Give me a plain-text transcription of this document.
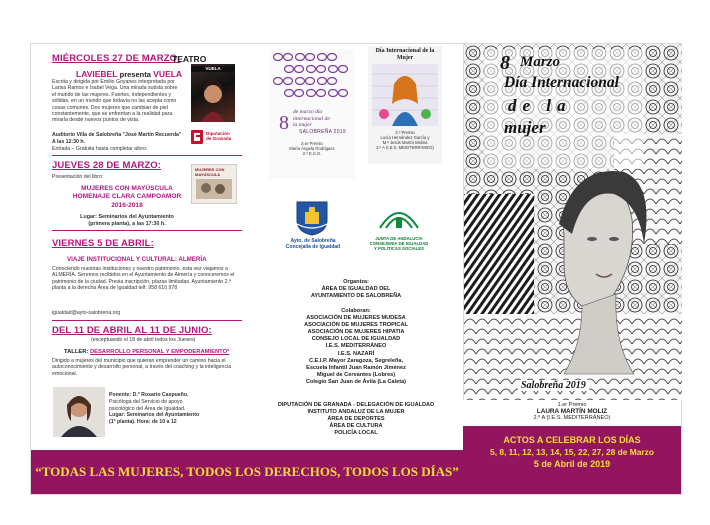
MIÉRCOLES 27 DE MARZO:
TEATRO
LAVIEBEL presenta VUELA
Escrita y dirigida por Emilio Goyanes interpretada por Larisa Ramos e Isabel Vega. Una mirada sutista sobre el mundo de las mujeres. Fuertes, independientes y sólidas, en un mundo que todavía no las acepta como cosas comunes. Dos mujeres que cambian de piel constantemente, que se enfrentan a la realidad para mirarla desde nuevos puntos de vista.
Auditorio Villa de Salobreña "José Martín Recuerda"
A las 12:30 h.
Entrada – Gratuita hasta completar aforo.
VUELA
Diputación de Granada
JUEVES 28 DE MARZO:
Presentación del libro:
MUJERES CON MAYÚSCULA
HOMENAJE CLARA CAMPOAMOR
2016-2018
Lugar: Seminarios del Ayuntamiento
(primera planta), a las 17:30 h.
MUJERES CON MAYÚSCULA
VIERNES 5 DE ABRIL:
VIAJE INSTITUCIONAL Y CULTURAL: ALMERÍA
Conociendo nuestras instituciones y nuestro patrimonio, esta vez viajamos a ALMERÍA. Seremos recibidos en el Ayuntamiento de Almería y conoceremos el patrimonio de la ciudad. Previa inscripción, plazas limitadas. Ayuntamiento 2.ª planta a la derecha Área de Igualdad telf. 958 610 978
igualdad@ayto-salobrena.org
DEL 11 DE ABRIL AL 11 DE JUNIO:
(exceptuando el 18 de abril todos los Jueves)
TALLER: DESARROLLO PERSONAL Y EMPODERAMIENTO*
Dirigido a mujeres del municipio que quieran emprender un camino hacia el autoconocimiento y desarrollo personal, a través del coaching y la inteligencia emocional.
Ponente: D.ª Rosario Caspueño.
Psicóloga del Servicio de apoyo
psicológico del Área de Igualdad.
Lugar: Seminarios del Ayuntamiento
(1ª planta). Hora: de 10 a 12
8 de marzo día
internacional de
la mujer
SALOBREÑA 2019
3.er Premio
María Ángela Rodríguez
2.º E.S.O.
Día Internacional de la Mujer
2.º Premio
Lucía Hernández García y
M.ª Jesús Martín Molina
2.º A (I.E.S. MEDITERRÁNEO)
Ayto. de Salobreña
Concejalía de Igualdad
JUNTA DE ANDALUCIA
CONSEJERÍA DE IGUALDAD
Y POLÍTICAS SOCIALES
Organiza:
ÁREA DE IGUALDAD DEL
AYUNTAMIENTO DE SALOBREÑA
Colaboran:
ASOCIACIÓN DE MUJERES MUDESA
ASOCIACIÓN DE MUJERES TROPICAL
ASOCIACIÓN DE MUJERES HIPATIA
CONSEJO LOCAL DE IGUALDAD
I.E.S. MEDITERRÁNEO
I.E.S. NAZARÍ
C.E.I.P. Mayor Zaragoza, Segreleña,
Escuela Infantil Juan Ramón Jiménez
Miguel de Cervantes (Lobres)
Colegio San Juan de Ávila (La Caleta)
DIPUTACIÓN DE GRANADA - DELEGACIÓN DE IGUALDAD
INSTITUTO ANDALUZ DE LA MUJER
ÁREA DE DEPORTES
ÁREA DE CULTURA
POLICÍA LOCAL
8 Marzo
Día Internacional
de la
mujer
Salobreña 2019
1.er Premio
LAURA MARTÍN MOLIZ
2.º A (I.E.S. MEDITERRÁNEO)
ACTOS A CELEBRAR LOS DÍAS
5, 8, 11, 12, 13, 14, 15, 22, 27, 28 de Marzo
5 de Abril de 2019
“TODAS LAS MUJERES, TODOS LOS DERECHOS, TODOS LOS DÍAS”
